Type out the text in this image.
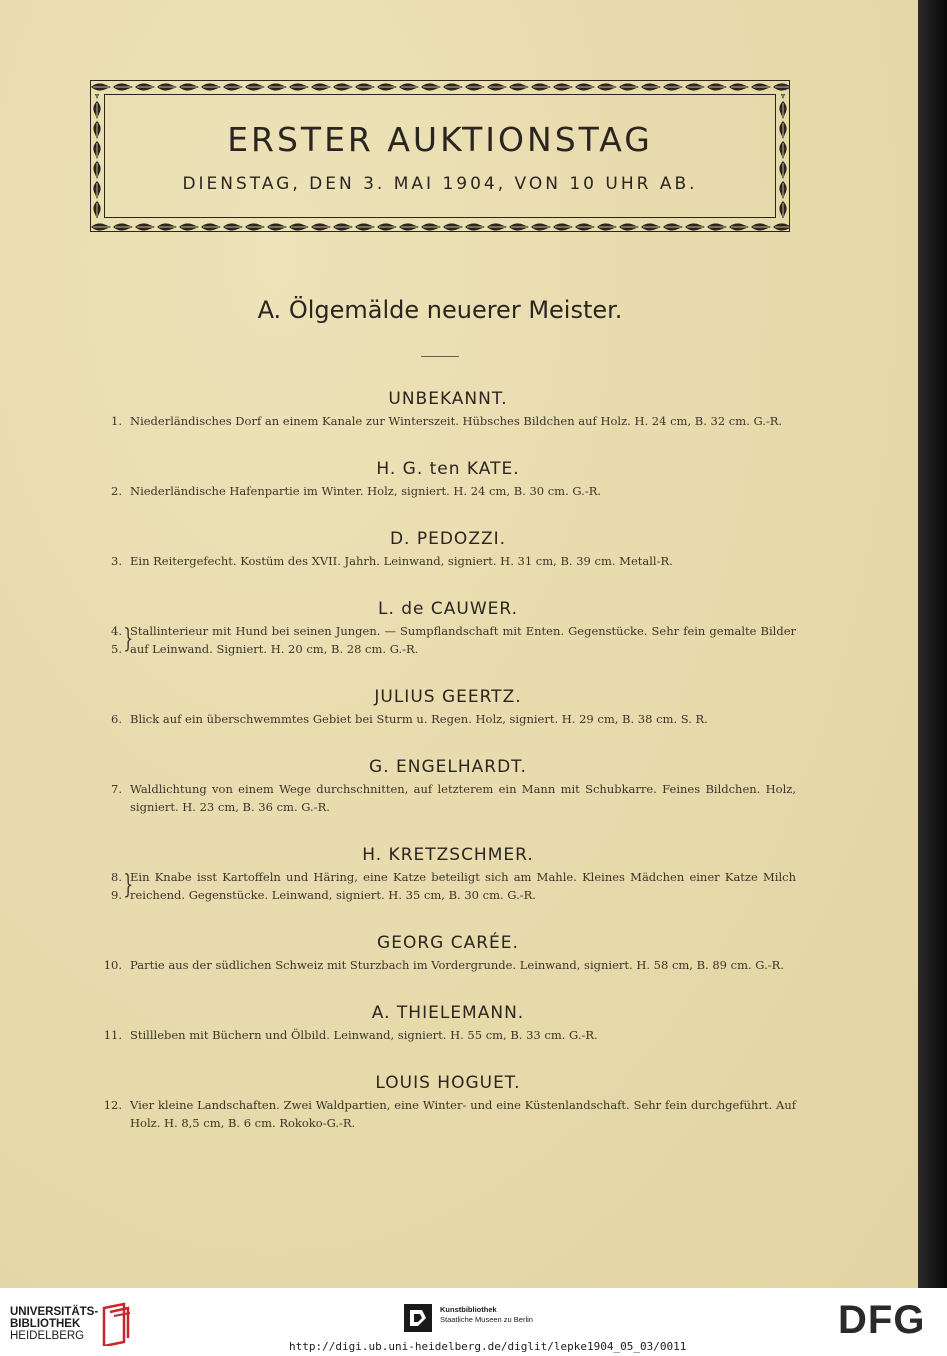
ERSTER AUKTIONSTAG
DIENSTAG, DEN 3. MAI 1904, VON 10 UHR AB.
A. Ölgemälde neuerer Meister.

UNBEKANNT.

1. Niederländisches Dorf an einem Kanale zur Winterszeit. Hübsches Bildchen auf Holz. H. 24 cm, B. 32 cm. G.-R.

H. G. ten KATE.

2. Niederländische Hafenpartie im Winter. Holz, signiert. H. 24 cm, B. 30 cm. G.-R.

D. PEDOZZI.

3. Ein Reitergefecht. Kostüm des XVII. Jahrh. Leinwand, signiert. H. 31 cm, B. 39 cm. Metall-R.

L. de CAUWER.

4.
5. }
Stallinterieur mit Hund bei seinen Jungen. — Sumpflandschaft mit Enten. Gegenstücke. Sehr fein gemalte Bilder auf Leinwand. Signiert. H. 20 cm, B. 28 cm. G.-R.

JULIUS GEERTZ.

6. Blick auf ein überschwemmtes Gebiet bei Sturm u. Regen. Holz, signiert. H. 29 cm, B. 38 cm. S. R.

G. ENGELHARDT.

7. Waldlichtung von einem Wege durchschnitten, auf letzterem ein Mann mit Schubkarre. Feines Bildchen. Holz, signiert. H. 23 cm, B. 36 cm. G.-R.

H. KRETZSCHMER.

8.
9. }
Ein Knabe isst Kartoffeln und Häring, eine Katze beteiligt sich am Mahle. Kleines Mädchen einer Katze Milch reichend. Gegenstücke. Leinwand, signiert. H. 35 cm, B. 30 cm. G.-R.

GEORG CARÉE.

10. Partie aus der südlichen Schweiz mit Sturzbach im Vordergrunde. Leinwand, signiert. H. 58 cm, B. 89 cm. G.-R.

A. THIELEMANN.

11. Stillleben mit Büchern und Ölbild. Leinwand, signiert. H. 55 cm, B. 33 cm. G.-R.

LOUIS HOGUET.

12. Vier kleine Landschaften. Zwei Waldpartien, eine Winter- und eine Küstenlandschaft. Sehr fein durchgeführt. Auf Holz. H. 8,5 cm, B. 6 cm. Rokoko-G.-R.
UNIVERSITÄTS-
BIBLIOTHEK
HEIDELBERG
Kunstbibliothek
Staatliche Museen zu Berlin	DFG
http://digi.ub.uni-heidelberg.de/diglit/lepke1904_05_03/0011
